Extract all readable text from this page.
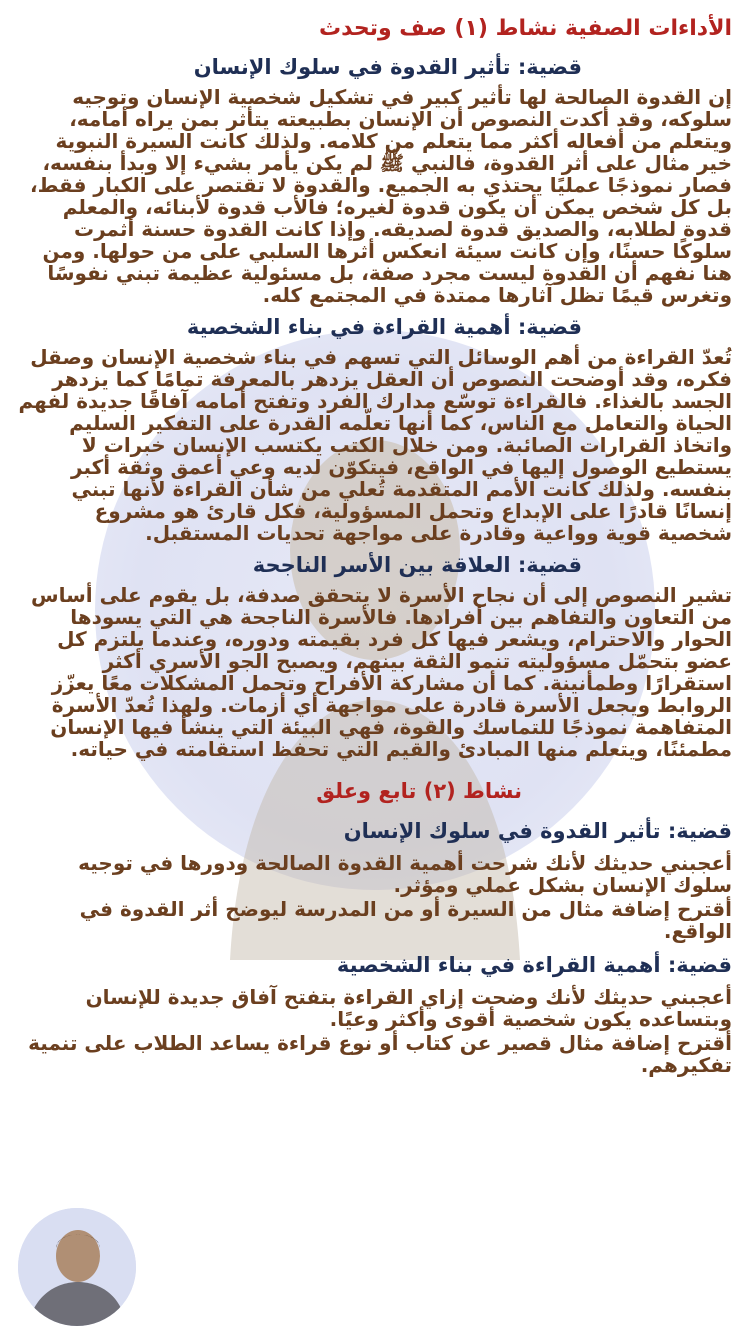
الأداءات الصفية نشاط (١) صف وتحدث
قضية: تأثير القدوة في سلوك الإنسان

إن القدوة الصالحة لها تأثير كبير في تشكيل شخصية الإنسان وتوجيه سلوكه، وقد أكدت النصوص أن الإنسان بطبيعته يتأثر بمن يراه أمامه، ويتعلم من أفعاله أكثر مما يتعلم من كلامه. ولذلك كانت السيرة النبوية خير مثال على أثر القدوة، فالنبي ﷺ لم يكن يأمر بشيء إلا وبدأ بنفسه، فصار نموذجًا عمليًا يحتذي به الجميع. والقدوة لا تقتصر على الكبار فقط، بل كل شخص يمكن أن يكون قدوة لغيره؛ فالأب قدوة لأبنائه، والمعلم قدوة لطلابه، والصديق قدوة لصديقه. وإذا كانت القدوة حسنة أثمرت سلوكًا حسنًا، وإن كانت سيئة انعكس أثرها السلبي على من حولها. ومن هنا نفهم أن القدوة ليست مجرد صفة، بل مسئولية عظيمة تبني نفوسًا وتغرس قيمًا تظل آثارها ممتدة في المجتمع كله.

قضية: أهمية القراءة في بناء الشخصية

تُعدّ القراءة من أهم الوسائل التي تسهم في بناء شخصية الإنسان وصقل فكره، وقد أوضحت النصوص أن العقل يزدهر بالمعرفة تمامًا كما يزدهر الجسد بالغذاء. فالقراءة توسّع مدارك الفرد وتفتح أمامه آفاقًا جديدة لفهم الحياة والتعامل مع الناس، كما أنها تعلّمه القدرة على التفكير السليم واتخاذ القرارات الصائبة. ومن خلال الكتب يكتسب الإنسان خبرات لا يستطيع الوصول إليها في الواقع، فيتكوّن لديه وعي أعمق وثقة أكبر بنفسه. ولذلك كانت الأمم المتقدمة تُعلي من شأن القراءة لأنها تبني إنسانًا قادرًا على الإبداع وتحمل المسؤولية، فكل قارئ هو مشروع شخصية قوية وواعية وقادرة على مواجهة تحديات المستقبل.

قضية: العلاقة بين الأسر الناجحة

تشير النصوص إلى أن نجاح الأسرة لا يتحقق صدفة، بل يقوم على أساس من التعاون والتفاهم بين أفرادها. فالأسرة الناجحة هي التي يسودها الحوار والاحترام، ويشعر فيها كل فرد بقيمته ودوره، وعندما يلتزم كل عضو بتحمّل مسؤوليته تنمو الثقة بينهم، ويصبح الجو الأسري أكثر استقرارًا وطمأنينة. كما أن مشاركة الأفراح وتحمل المشكلات معًا يعزّز الروابط ويجعل الأسرة قادرة على مواجهة أي أزمات. ولهذا تُعدّ الأسرة المتفاهمة نموذجًا للتماسك والقوة، فهي البيئة التي ينشأ فيها الإنسان مطمئنًا، ويتعلم منها المبادئ والقيم التي تحفظ استقامته في حياته.

نشاط (٢) تابع وعلق
قضية: تأثير القدوة في سلوك الإنسان

أعجبني حديثك لأنك شرحت أهمية القدوة الصالحة ودورها في توجيه سلوك الإنسان بشكل عملي ومؤثر.

أقترح إضافة مثال من السيرة أو من المدرسة ليوضح أثر القدوة في الواقع.

قضية: أهمية القراءة في بناء الشخصية

أعجبني حديثك لأنك وضحت إزاي القراءة بتفتح آفاق جديدة للإنسان وبتساعده يكون شخصية أقوى وأكثر وعيًا.

أقترح إضافة مثال قصير عن كتاب أو نوع قراءة يساعد الطلاب على تنمية تفكيرهم.
